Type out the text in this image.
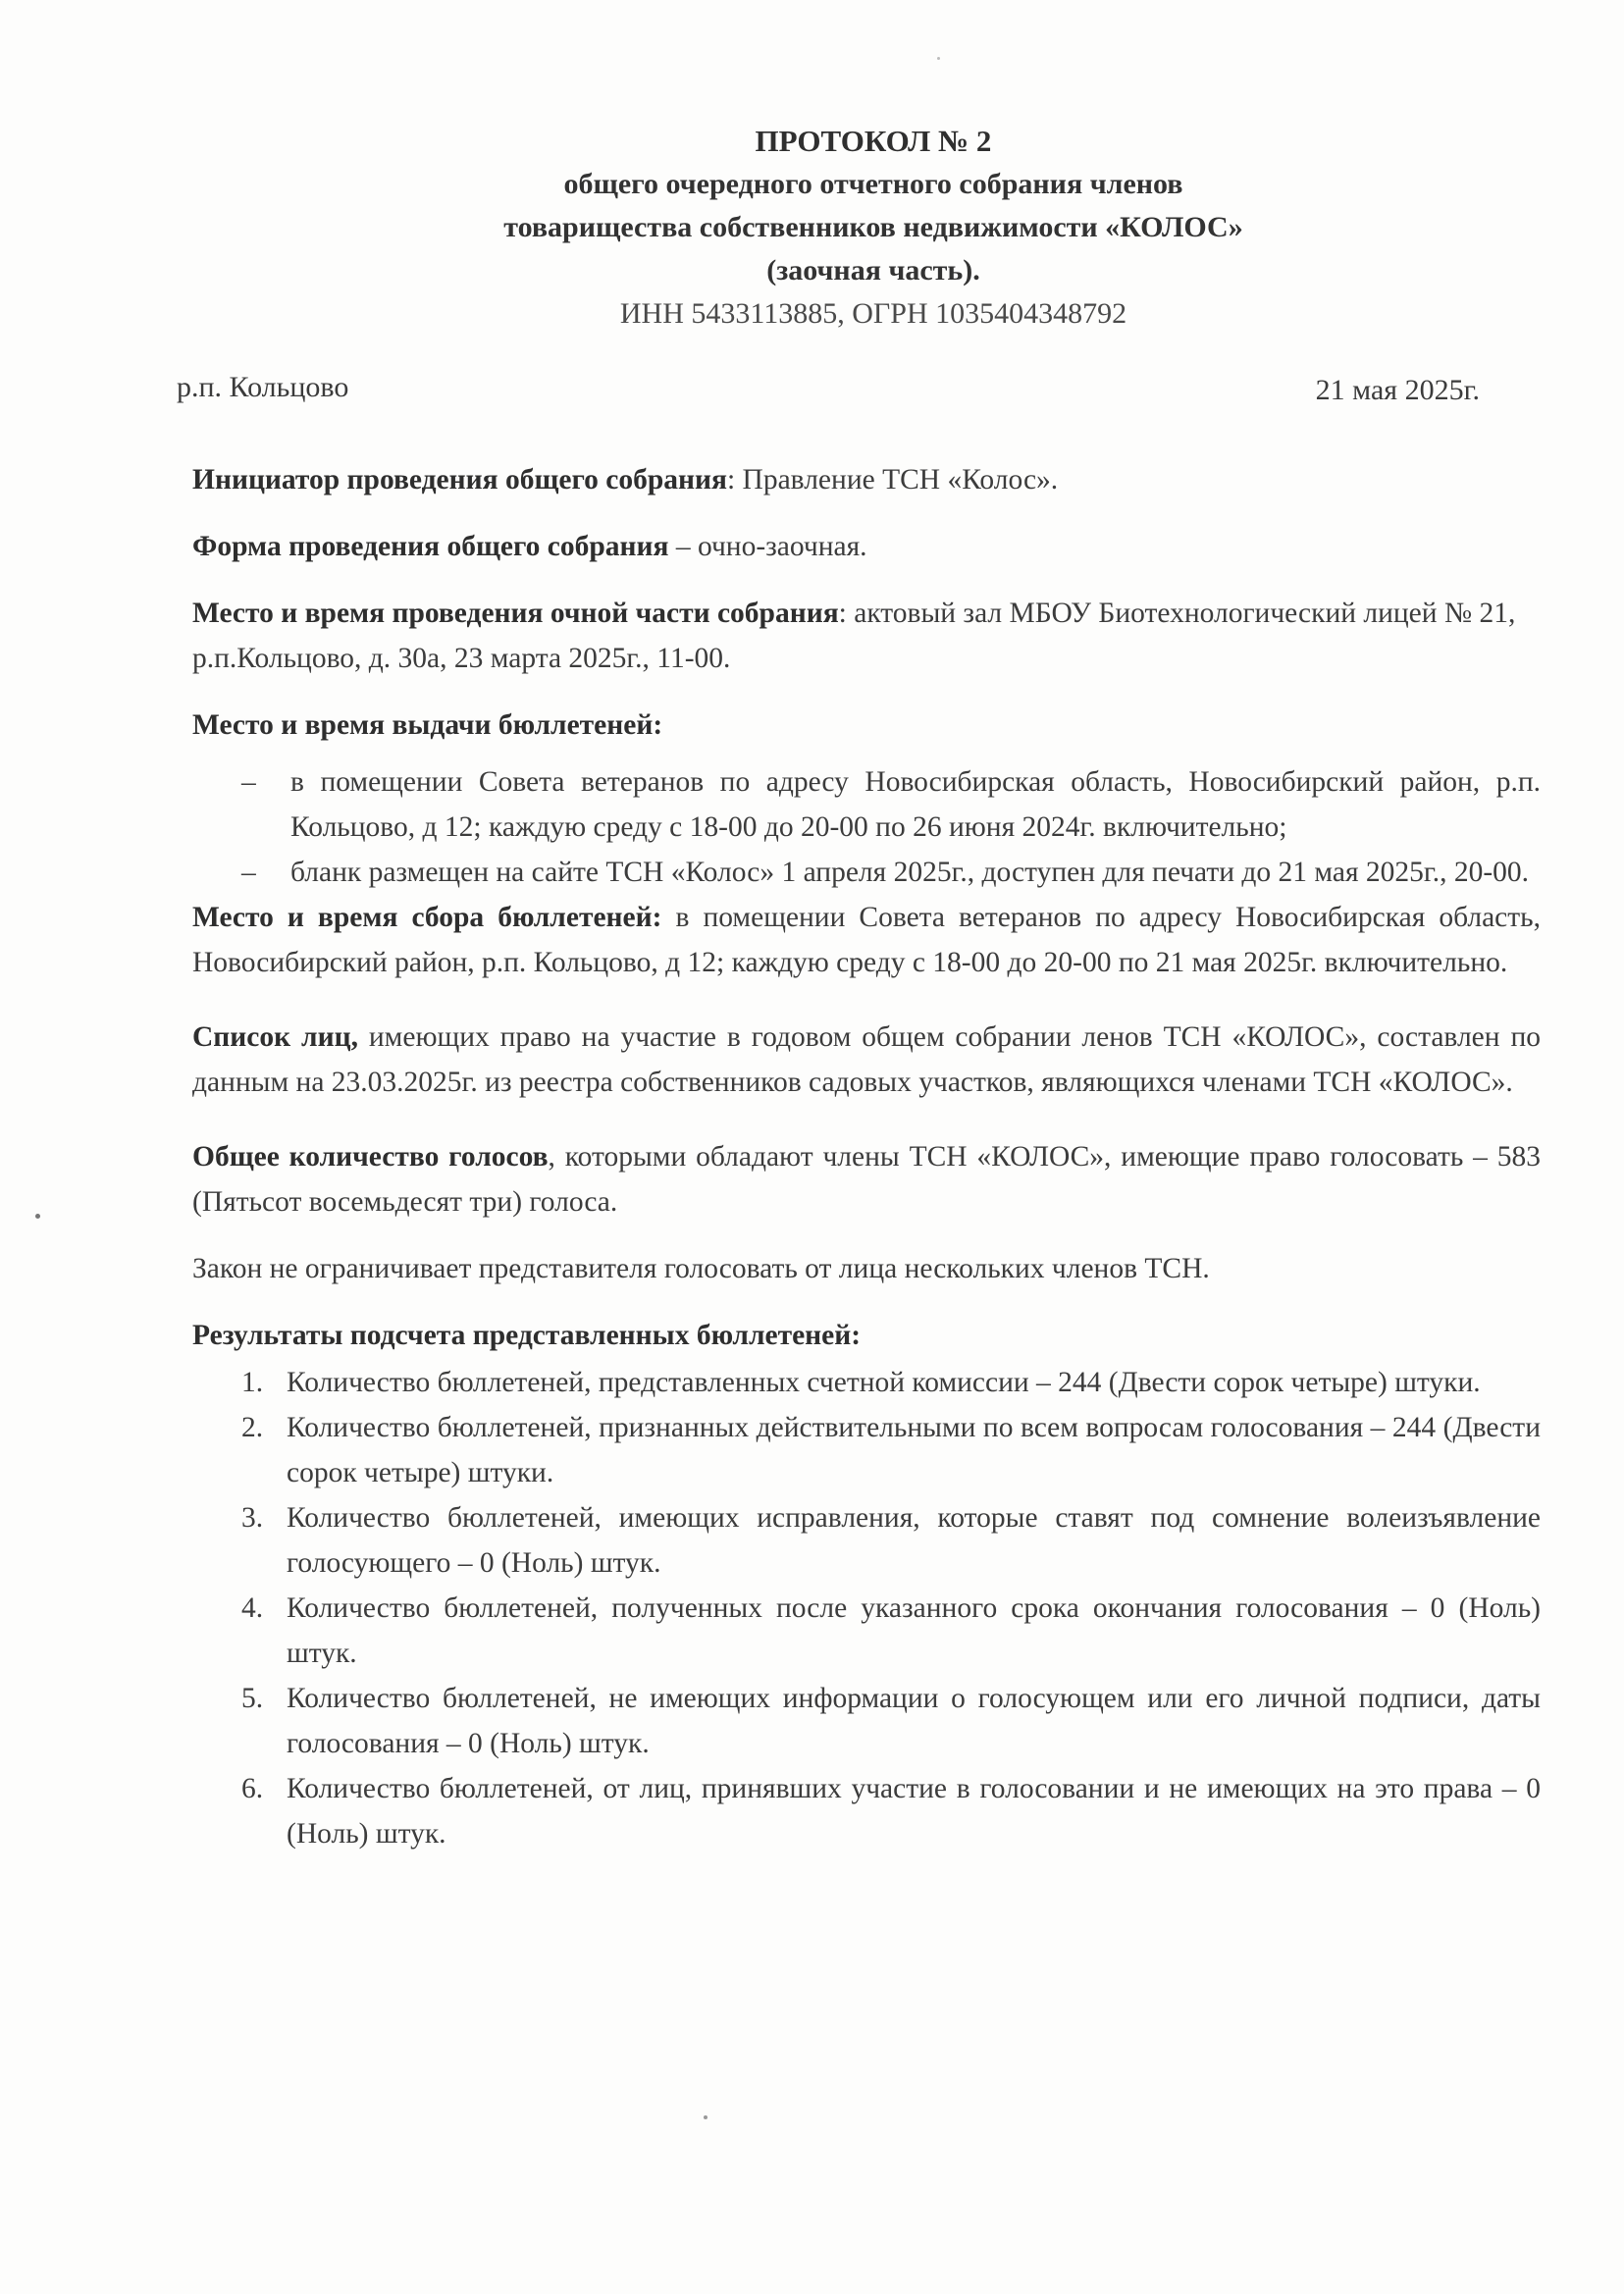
ПРОТОКОЛ № 2
общего очередного отчетного собрания членов
товарищества собственников недвижимости «КОЛОС»
(заочная часть).
ИНН 5433113885, ОГРН 1035404348792
р.п. Кольцово	21 мая 2025г.

Инициатор проведения общего собрания: Правление ТСН «Колос».

Форма проведения общего собрания – очно-заочная.

Место и время проведения очной части собрания: актовый зал МБОУ Биотехнологический лицей № 21, р.п.Кольцово, д. 30а, 23 марта 2025г., 11-00.

Место и время выдачи бюллетеней:

– в помещении Совета ветеранов по адресу Новосибирская область, Новосибирский район, р.п. Кольцово, д 12; каждую среду с 18-00 до 20-00 по 26 июня 2024г. включительно;
– бланк размещен на сайте ТСН «Колос» 1 апреля 2025г., доступен для печати до 21 мая 2025г., 20-00.

Место и время сбора бюллетеней: в помещении Совета ветеранов по адресу Новосибирская область, Новосибирский район, р.п. Кольцово, д 12; каждую среду с 18-00 до 20-00 по 21 мая 2025г. включительно.

Список лиц, имеющих право на участие в годовом общем собрании ленов ТСН «КОЛОС», составлен по данным на 23.03.2025г. из реестра собственников садовых участков, являющихся членами ТСН «КОЛОС».

Общее количество голосов, которыми обладают члены ТСН «КОЛОС», имеющие право голосовать – 583 (Пятьсот восемьдесят три) голоса.

Закон не ограничивает представителя голосовать от лица нескольких членов ТСН.

Результаты подсчета представленных бюллетеней:

1. Количество бюллетеней, представленных счетной комиссии – 244 (Двести сорок четыре) штуки.
2. Количество бюллетеней, признанных действительными по всем вопросам голосования – 244 (Двести сорок четыре) штуки.
3. Количество бюллетеней, имеющих исправления, которые ставят под сомнение волеизъявление голосующего – 0 (Ноль) штук.
4. Количество бюллетеней, полученных после указанного срока окончания голосования – 0 (Ноль) штук.
5. Количество бюллетеней, не имеющих информации о голосующем или его личной подписи, даты голосования – 0 (Ноль) штук.
6. Количество бюллетеней, от лиц, принявших участие в голосовании и не имеющих на это права – 0 (Ноль) штук.
